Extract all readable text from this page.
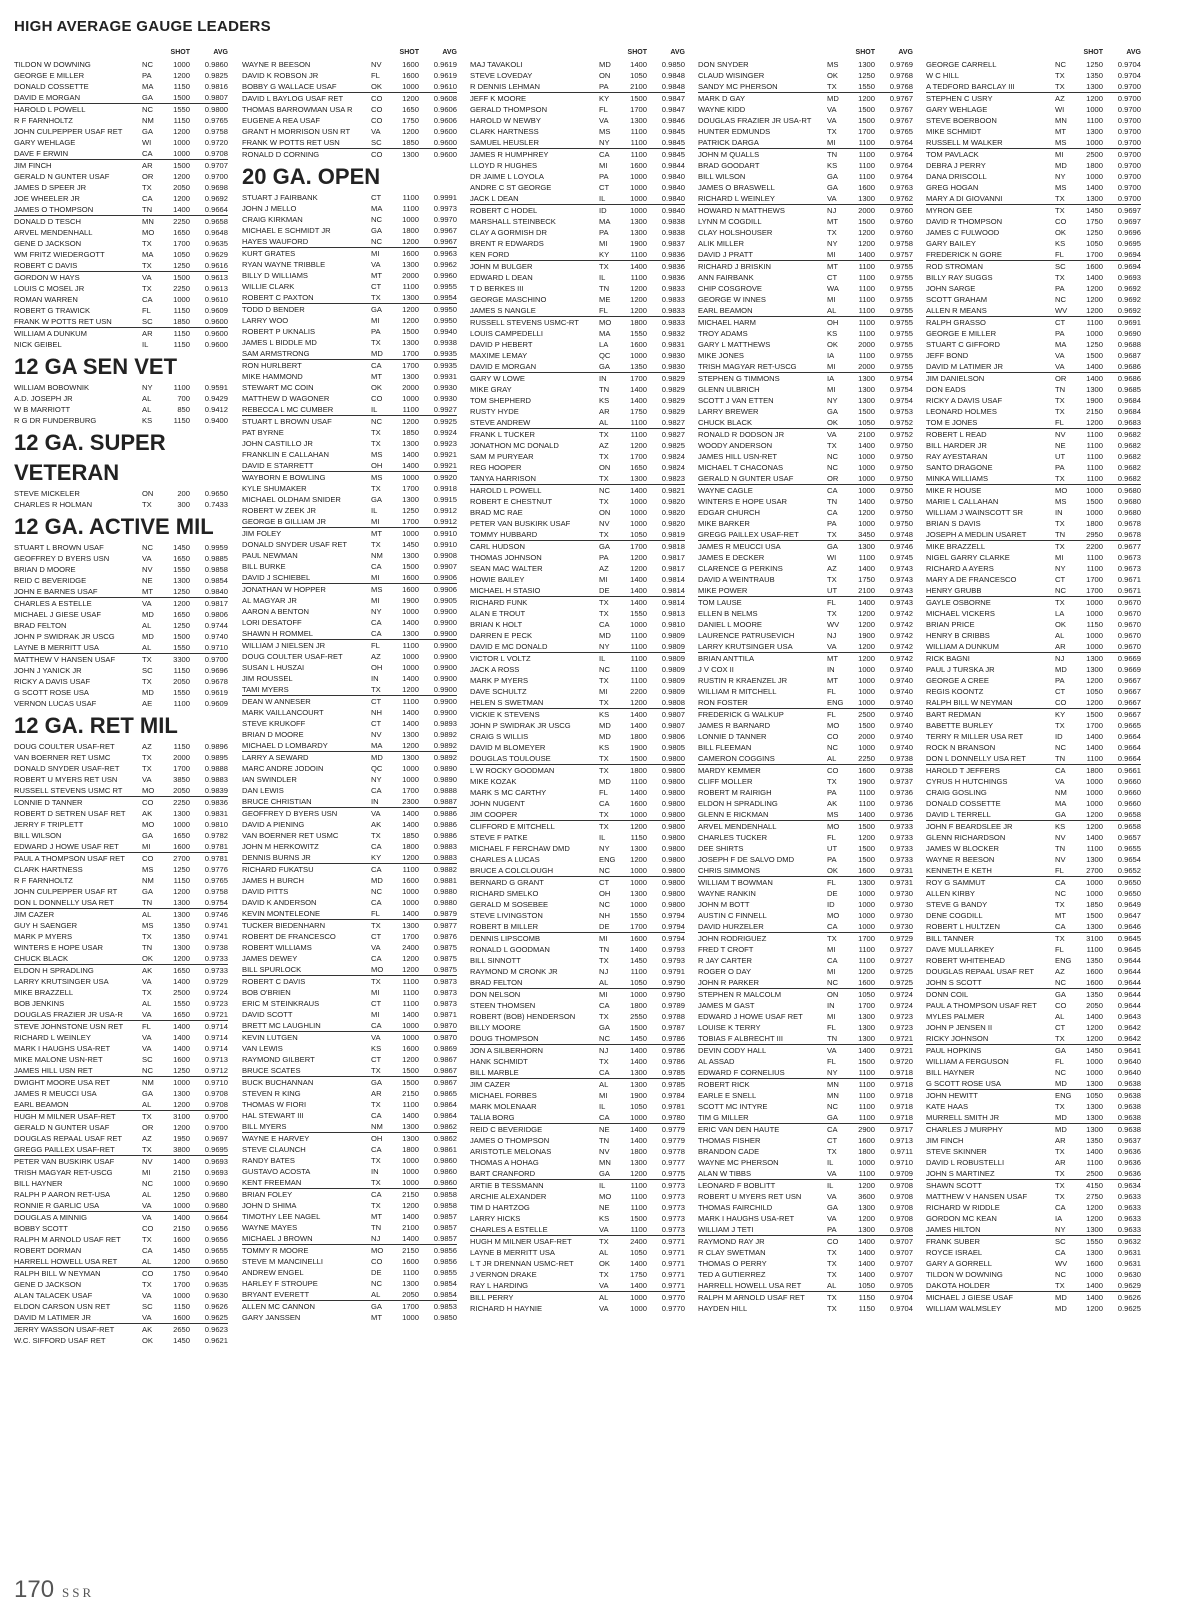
HIGH AVERAGE GAUGE LEADERS
SHOT	AVG
TILDON W DOWNING	NC	1000	0.9860
GEORGE E MILLER	PA	1200	0.9825
DONALD COSSETTE	MA	1150	0.9816
DAVID E MORGAN	GA	1500	0.9807
HAROLD L POWELL	NC	1550	0.9800
R F FARNHOLTZ	NM	1150	0.9765
JOHN CULPEPPER USAF RET	GA	1200	0.9758
GARY WEHLAGE	WI	1000	0.9720
DAVE F ERWIN	CA	1000	0.9708
JIM FINCH	AR	1500	0.9707
GERALD N GUNTER USAF	OR	1200	0.9700
JAMES D SPEER JR	TX	2050	0.9698
JOE WHEELER JR	CA	1200	0.9692
JAMES O THOMPSON	TN	1400	0.9664
DONALD D TESCH	MN	2250	0.9658
ARVEL MENDENHALL	MO	1650	0.9648
GENE D JACKSON	TX	1700	0.9635
WM FRITZ WIEDERGOTT	MA	1050	0.9629
ROBERT C DAVIS	TX	1250	0.9616
GORDON W HAYS	VA	1500	0.9613
LOUIS C MOSEL JR	TX	2250	0.9613
ROMAN WARREN	CA	1000	0.9610
ROBERT G TRAWICK	FL	1150	0.9609
FRANK W POTTS RET USN	SC	1850	0.9600
WILLIAM A DUNKUM	AR	1150	0.9600
NICK GEIBEL	IL	1150	0.9600
12 GA SEN VET
WILLIAM BOBOWNIK	NY	1100	0.9591
A.D. JOSEPH JR	AL	700	0.9429
W B MARRIOTT	AL	850	0.9412
R G DR FUNDERBURG	KS	1150	0.9400
12 GA. SUPER VETERAN
STEVE MICKELER	ON	200	0.9650
CHARLES R HOLMAN	TX	300	0.7433
12 GA. ACTIVE MIL
STUART L BROWN USAF	NC	1450	0.9959
GEOFFREY D BYERS USN	VA	1650	0.9885
BRIAN D MOORE	NV	1550	0.9858
REID C BEVERIDGE	NE	1300	0.9854
JOHN E BARNES USAF	MT	1250	0.9840
CHARLES A ESTELLE	VA	1200	0.9817
MICHAEL J GIESE USAF	MD	1650	0.9806
BRAD FELTON	AL	1250	0.9744
JOHN P SWIDRAK JR USCG	MD	1500	0.9740
LAYNE B MERRITT USA	AL	1550	0.9710
MATTHEW V HANSEN USAF	TX	3300	0.9700
JOHN J YANICK JR	SC	1150	0.9696
RICKY A DAVIS USAF	TX	2050	0.9678
G SCOTT ROSE USA	MD	1550	0.9619
VERNON LUCAS USAF	AE	1100	0.9609
12 GA. RET MIL
DOUG COULTER USAF-RET	AZ	1150	0.9896
VAN BOERNER RET USMC	TX	2000	0.9895
DONALD SNYDER USAF-RET	TX	1700	0.9888
ROBERT U MYERS RET USN	VA	3850	0.9883
RUSSELL STEVENS USMC RT	MO	2050	0.9839
LONNIE D TANNER	CO	2250	0.9836
ROBERT D SETREN USAF RET	AK	1300	0.9831
JERRY F TRIPLETT	MO	1000	0.9810
BILL WILSON	GA	1650	0.9782
EDWARD J HOWE USAF RET	MI	1600	0.9781
PAUL A THOMPSON USAF RET	CO	2700	0.9781
CLARK HARTNESS	MS	1250	0.9776
R F FARNHOLTZ	NM	1150	0.9765
JOHN CULPEPPER USAF RT	GA	1200	0.9758
DON L DONNELLY USA RET	TN	1300	0.9754
JIM CAZER	AL	1300	0.9746
GUY H SAENGER	MS	1350	0.9741
MARK P MYERS	TX	1350	0.9741
WINTERS E HOPE USAR	TN	1300	0.9738
CHUCK BLACK	OK	1200	0.9733
ELDON H SPRADLING	AK	1650	0.9733
LARRY KRUTSINGER USA	VA	1400	0.9729
MIKE BRAZZELL	TX	2500	0.9724
BOB JENKINS	AL	1550	0.9723
DOUGLAS FRAZIER JR USA-R	VA	1650	0.9721
STEVE JOHNSTONE USN RET	FL	1400	0.9714
RICHARD L WEINLEY	VA	1400	0.9714
MARK I HAUGHS USA-RET	VA	1400	0.9714
MIKE MALONE USN-RET	SC	1600	0.9713
JAMES HILL USN RET	NC	1250	0.9712
DWIGHT MOORE USA RET	NM	1000	0.9710
JAMES R MEUCCI USA	GA	1300	0.9708
EARL BEAMON	AL	1200	0.9708
HUGH M MILNER USAF-RET	TX	3100	0.9700
GERALD N GUNTER USAF	OR	1200	0.9700
DOUGLAS REPAAL USAF RET	AZ	1950	0.9697
GREGG PAILLEX USAF-RET	TX	3800	0.9695
PETER VAN BUSKIRK USAF	NV	1400	0.9693
TRISH MAGYAR RET-USCG	MI	2150	0.9693
BILL HAYNER	NC	1000	0.9690
RALPH P AARON RET-USA	AL	1250	0.9680
RONNIE R GARLIC USA	VA	1000	0.9680
DOUGLAS A MINNIG	VA	1400	0.9664
BOBBY SCOTT	CO	2150	0.9656
RALPH M ARNOLD USAF RET	TX	1600	0.9656
ROBERT DORMAN	CA	1450	0.9655
HARRELL HOWELL USA RET	AL	1200	0.9650
RALPH BILL W NEYMAN	CO	1750	0.9640
GENE D JACKSON	TX	1700	0.9635
ALAN TALACEK USAF	VA	1000	0.9630
ELDON CARSON USN RET	SC	1150	0.9626
DAVID M LATIMER JR	VA	1600	0.9625
JERRY WASSON USAF-RET	AK	2650	0.9623
W.C. SIFFORD USAF RET	OK	1450	0.9621
SHOT	AVG
WAYNE R BEESON	NV	1600	0.9619
DAVID K ROBSON JR	FL	1600	0.9619
BOBBY G WALLACE USAF	OK	1000	0.9610
DAVID L BAYLOG USAF RET	CO	1200	0.9608
THOMAS BARROWMAN USA R	CO	1650	0.9606
EUGENE A REA USAF	CO	1750	0.9606
GRANT H MORRISON USN RT	VA	1200	0.9600
FRANK W POTTS RET USN	SC	1850	0.9600
RONALD D CORNING	CO	1300	0.9600
20 GA. OPEN
STUART J FAIRBANK	CT	1100	0.9991
JOHN J MELLO	MA	1100	0.9973
CRAIG KIRKMAN	NC	1000	0.9970
MICHAEL E SCHMIDT JR	GA	1800	0.9967
HAYES WAUFORD	NC	1200	0.9967
KURT GRATES	MI	1600	0.9963
RYAN WAYNE TRIBBLE	VA	1300	0.9962
BILLY D WILLIAMS	MT	2000	0.9960
WILLIE CLARK	CT	1100	0.9955
ROBERT C PAXTON	TX	1300	0.9954
TODD D BENDER	GA	1200	0.9950
LARRY WOO	MI	1200	0.9950
ROBERT P UKNALIS	PA	1500	0.9940
JAMES L BIDDLE MD	TX	1300	0.9938
SAM ARMSTRONG	MD	1700	0.9935
RON HURLBERT	CA	1700	0.9935
MIKE HAMMOND	MT	1300	0.9931
STEWART MC COIN	OK	2000	0.9930
MATTHEW D WAGONER	CO	1000	0.9930
REBECCA L MC CUMBER	IL	1100	0.9927
STUART L BROWN USAF	NC	1200	0.9925
PAT BYRNE	TX	1850	0.9924
JOHN CASTILLO JR	TX	1300	0.9923
FRANKLIN E CALLAHAN	MS	1400	0.9921
DAVID E STARRETT	OH	1400	0.9921
WAYBORN E BOWLING	MS	1000	0.9920
KYLE SHUMAKER	TX	1700	0.9918
MICHAEL OLDHAM SNIDER	GA	1300	0.9915
ROBERT W ZEEK JR	IL	1250	0.9912
GEORGE B GILLIAM JR	MI	1700	0.9912
JIM FOLEY	MT	1000	0.9910
DONALD SNYDER USAF RET	TX	1450	0.9910
PAUL NEWMAN	NM	1300	0.9908
BILL BURKE	CA	1500	0.9907
DAVID J SCHIEBEL	MI	1600	0.9906
JONATHAN W HOPPER	MS	1600	0.9906
AL MAGYAR JR	MI	1900	0.9905
AARON A BENTON	NY	1000	0.9900
LORI DESATOFF	CA	1400	0.9900
SHAWN H ROMMEL	CA	1300	0.9900
WILLIAM J NIELSEN JR	FL	1100	0.9900
DOUG COULTER USAF-RET	AZ	1000	0.9900
SUSAN L HUSZAI	OH	1000	0.9900
JIM ROUSSEL	IN	1400	0.9900
TAMI MYERS	TX	1200	0.9900
DEAN W ANNESER	CT	1100	0.9900
MARK VAILLANCOURT	NH	1400	0.9900
STEVE KRUKOFF	CT	1400	0.9893
BRIAN D MOORE	NV	1300	0.9892
MICHAEL D LOMBARDY	MA	1200	0.9892
LARRY A SEWARD	MD	1300	0.9892
MARC ANDRE JODOIN	QC	1000	0.9890
IAN SWINDLER	NY	1000	0.9890
DAN LEWIS	CA	1700	0.9888
BRUCE CHRISTIAN	IN	2300	0.9887
GEOFFREY D BYERS USN	VA	1400	0.9886
DAVID A PIENING	AK	1400	0.9886
VAN BOERNER RET USMC	TX	1850	0.9886
JOHN M HERKOWITZ	CA	1800	0.9883
DENNIS BURNS JR	KY	1200	0.9883
RICHARD FUKATSU	CA	1100	0.9882
JAMES H BURCH	MD	1600	0.9881
DAVID PITTS	NC	1000	0.9880
DAVID K ANDERSON	CA	1000	0.9880
KEVIN MONTELEONE	FL	1400	0.9879
TUCKER BIEDENHARN	TX	1300	0.9877
ROBERT DE FRANCESCO	CT	1700	0.9876
ROBERT WILLIAMS	VA	2400	0.9875
JAMES DEWEY	CA	1200	0.9875
BILL SPURLOCK	MO	1200	0.9875
ROBERT C DAVIS	TX	1100	0.9873
BOB O'BRIEN	MI	1100	0.9873
ERIC M STEINKRAUS	CT	1100	0.9873
DAVID SCOTT	MI	1400	0.9871
BRETT MC LAUGHLIN	CA	1000	0.9870
KEVIN LUTGEN	VA	1000	0.9870
VAN LEWIS	KS	1600	0.9869
RAYMOND GILBERT	CT	1200	0.9867
BRUCE SCATES	TX	1500	0.9867
BUCK BUCHANNAN	GA	1500	0.9867
STEVEN R KING	AR	2150	0.9865
THOMAS W FIORI	TX	1100	0.9864
HAL STEWART III	CA	1400	0.9864
BILL MYERS	NM	1300	0.9862
WAYNE E HARVEY	OH	1300	0.9862
STEVE CLAUNCH	CA	1800	0.9861
RANDY BATES	TX	1000	0.9860
GUSTAVO ACOSTA	IN	1000	0.9860
KENT FREEMAN	TX	1000	0.9860
BRIAN FOLEY	CA	2150	0.9858
JOHN D SHIMA	TX	1200	0.9858
TIMOTHY LEE NAGEL	MT	1400	0.9857
WAYNE MAYES	TN	2100	0.9857
MICHAEL J BROWN	NJ	1400	0.9857
TOMMY R MOORE	MO	2150	0.9856
STEVE M MANCINELLI	CO	1600	0.9856
ANDREW ENGEL	DE	1100	0.9855
HARLEY F STROUPE	NC	1300	0.9854
BRYANT EVERETT	AL	2050	0.9854
ALLEN MC CANNON	GA	1700	0.9853
GARY JANSSEN	MT	1000	0.9850
SHOT	AVG
MAJ TAVAKOLI	MD	1400	0.9850
STEVE LOVEDAY	ON	1050	0.9848
R DENNIS LEHMAN	PA	2100	0.9848
JEFF K MOORE	KY	1500	0.9847
GERALD THOMPSON	FL	1700	0.9847
HAROLD W NEWBY	VA	1300	0.9846
CLARK HARTNESS	MS	1100	0.9845
SAMUEL HEUSLER	NY	1100	0.9845
JAMES R HUMPHREY	CA	1100	0.9845
LLOYD R HUGHES	MI	1600	0.9844
DR JAIME L LOYOLA	PA	1000	0.9840
ANDRE C ST GEORGE	CT	1000	0.9840
JACK L DEAN	IL	1000	0.9840
ROBERT C HODEL	ID	1000	0.9840
MARSHALL STEINBECK	MA	1300	0.9838
CLAY A GORMISH DR	PA	1300	0.9838
BRENT R EDWARDS	MI	1900	0.9837
KEN FORD	KY	1100	0.9836
JOHN M BULGER	TX	1400	0.9836
EDWARD L DEAN	IL	1100	0.9836
T D BERKES III	TN	1200	0.9833
GEORGE MASCHINO	ME	1200	0.9833
JAMES S NANGLE	FL	1200	0.9833
RUSSELL STEVENS USMC-RT	MO	1800	0.9833
LOUIS CAMPEDELLI	MA	1550	0.9832
DAVID P HEBERT	LA	1600	0.9831
MAXIME LEMAY	QC	1000	0.9830
DAVID E MORGAN	GA	1350	0.9830
GARY W LOWE	IN	1700	0.9829
MIKE GRAY	TN	1400	0.9829
TOM SHEPHERD	KS	1400	0.9829
RUSTY HYDE	AR	1750	0.9829
STEVE ANDREW	AL	1100	0.9827
FRANK L TUCKER	TX	1100	0.9827
JONATHON MC DONALD	AZ	1200	0.9825
SAM M PURYEAR	TX	1700	0.9824
REG HOOPER	ON	1650	0.9824
TANYA HARRISON	TX	1300	0.9823
HAROLD L POWELL	NC	1400	0.9821
ROBERT E CHESTNUT	TX	1000	0.9820
BRAD MC RAE	ON	1000	0.9820
PETER VAN BUSKIRK USAF	NV	1000	0.9820
TOMMY HUBBARD	TX	1050	0.9819
CARL HUDSON	GA	1700	0.9818
THOMAS JOHNSON	PA	1200	0.9817
SEAN MAC WALTER	AZ	1200	0.9817
HOWIE BAILEY	MI	1400	0.9814
MICHAEL H STASIO	DE	1400	0.9814
RICHARD FUNK	TX	1400	0.9814
ALAN E TROUT	TX	1550	0.9813
BRIAN K HOLT	CA	1000	0.9810
DARREN E PECK	MD	1100	0.9809
DAVID E MC DONALD	NY	1100	0.9809
VICTOR L VOLTZ	IL	1100	0.9809
JACK A ROSS	NC	1100	0.9809
MARK P MYERS	TX	1100	0.9809
DAVE SCHULTZ	MI	2200	0.9809
HELEN S SWETMAN	TX	1200	0.9808
VICKIE K STEVENS	KS	1400	0.9807
JOHN P SWIDRAK JR USCG	MD	1400	0.9807
CRAIG S WILLIS	MD	1800	0.9806
DAVID M BLOMEYER	KS	1900	0.9805
DOUGLAS TOULOUSE	TX	1500	0.9800
L W ROCKY GOODMAN	TX	1800	0.9800
MIKE KOZAK	MD	1100	0.9800
MARK S MC CARTHY	FL	1400	0.9800
JOHN NUGENT	CA	1600	0.9800
JIM COOPER	TX	1000	0.9800
CLIFFORD E MITCHELL	TX	1200	0.9800
STEVE F PATKE	IL	1150	0.9800
MICHAEL F FERCHAW DMD	NY	1300	0.9800
CHARLES A LUCAS	ENG	1200	0.9800
BRUCE A COLCLOUGH	NC	1000	0.9800
BERNARD G GRANT	CT	1000	0.9800
RICHARD SMELKO	OH	1300	0.9800
GERALD M SOSEBEE	NC	1000	0.9800
STEVE LIVINGSTON	NH	1550	0.9794
ROBERT B MILLER	DE	1700	0.9794
DENNIS LIPSCOMB	MI	1600	0.9794
RONALD L GOODMAN	TN	1400	0.9793
BILL SINNOTT	TX	1450	0.9793
RAYMOND M CRONK JR	NJ	1100	0.9791
BRAD FELTON	AL	1050	0.9790
DON NELSON	MI	1000	0.9790
STEEN THOMSEN	CA	1800	0.9789
ROBERT (BOB) HENDERSON	TX	2550	0.9788
BILLY MOORE	GA	1500	0.9787
DOUG THOMPSON	NC	1450	0.9786
JON A SILBERHORN	NJ	1400	0.9786
HANK SCHMIDT	TX	1400	0.9786
BILL MARBLE	CA	1300	0.9785
JIM CAZER	AL	1300	0.9785
MICHAEL FORBES	MI	1900	0.9784
MARK MOLENAAR	IL	1050	0.9781
TALIA BORG	CA	1000	0.9780
REID C BEVERIDGE	NE	1400	0.9779
JAMES O THOMPSON	TN	1400	0.9779
ARISTOTLE MELONAS	NV	1800	0.9778
THOMAS A HOHAG	MN	1300	0.9777
BART CRANFORD	GA	1200	0.9775
ARTIE B TESSMANN	IL	1100	0.9773
ARCHIE ALEXANDER	MO	1100	0.9773
TIM D HARTZOG	NE	1100	0.9773
LARRY HICKS	KS	1500	0.9773
CHARLES A ESTELLE	VA	1100	0.9773
HUGH M MILNER USAF-RET	TX	2400	0.9771
LAYNE B MERRITT USA	AL	1050	0.9771
L T JR DRENNAN USMC-RET	OK	1400	0.9771
J VERNON DRAKE	TX	1750	0.9771
RAY L HARDING	VA	1400	0.9771
BILL PERRY	AL	1000	0.9770
RICHARD H HAYNIE	VA	1000	0.9770
SHOT	AVG
DON SNYDER	MS	1300	0.9769
CLAUD WISINGER	OK	1250	0.9768
SANDY MC PHERSON	TX	1550	0.9768
MARK D GAY	MD	1200	0.9767
WAYNE KIDD	VA	1500	0.9767
DOUGLAS FRAZIER JR USA-RT	VA	1500	0.9767
HUNTER EDMUNDS	TX	1700	0.9765
PATRICK DARGA	MI	1100	0.9764
JOHN M QUALLS	TN	1100	0.9764
BRAD GOODART	KS	1100	0.9764
BILL WILSON	GA	1100	0.9764
JAMES O BRASWELL	GA	1600	0.9763
RICHARD L WEINLEY	VA	1300	0.9762
HOWARD N MATTHEWS	NJ	2000	0.9760
LYNN M COGDILL	MT	1500	0.9760
CLAY HOLSHOUSER	TX	1200	0.9760
ALIK MILLER	NY	1200	0.9758
DAVID J PRATT	MI	1400	0.9757
RICHARD J BRISKIN	MT	1100	0.9755
ANN FAIRBANK	CT	1100	0.9755
CHIP COSGROVE	WA	1100	0.9755
GEORGE W INNES	MI	1100	0.9755
EARL BEAMON	AL	1100	0.9755
MICHAEL HARM	OH	1100	0.9755
TROY ADAMS	KS	1100	0.9755
GARY L MATTHEWS	OK	2000	0.9755
MIKE JONES	IA	1100	0.9755
TRISH MAGYAR RET-USCG	MI	2000	0.9755
STEPHEN G TIMMONS	IA	1300	0.9754
GLENN ULBRICH	MI	1300	0.9754
SCOTT J VAN ETTEN	NY	1300	0.9754
LARRY BREWER	GA	1500	0.9753
CHUCK BLACK	OK	1050	0.9752
RONALD R DODSON JR	VA	2100	0.9752
WOODY ANDERSON	TX	1400	0.9750
JAMES HILL USN-RET	NC	1000	0.9750
MICHAEL T CHACONAS	NC	1000	0.9750
GERALD N GUNTER USAF	OR	1000	0.9750
WAYNE CAGLE	CA	1000	0.9750
WINTERS E HOPE USAR	TN	1400	0.9750
EDGAR CHURCH	CA	1200	0.9750
MIKE BARKER	PA	1000	0.9750
GREGG PAILLEX USAF-RET	TX	3450	0.9748
JAMES R MEUCCI USA	GA	1300	0.9746
JAMES E DECKER	WI	1100	0.9745
CLARENCE G PERKINS	AZ	1400	0.9743
DAVID A WEINTRAUB	TX	1750	0.9743
MIKE POWER	UT	2100	0.9743
TOM LAUSE	FL	1400	0.9743
ELLEN B NELMS	TX	1200	0.9742
DANIEL L MOORE	WV	1200	0.9742
LAURENCE PATRUSEVICH	NJ	1900	0.9742
LARRY KRUTSINGER USA	VA	1200	0.9742
BRIAN ANTTILA	MT	1200	0.9742
J V COX II	IN	1000	0.9740
RUSTIN R KRAENZEL JR	MT	1000	0.9740
WILLIAM R MITCHELL	FL	1000	0.9740
RON FOSTER	ENG	1000	0.9740
FREDERICK G WALKUP	FL	2500	0.9740
JAMES R BARNARD	MO	1500	0.9740
LONNIE D TANNER	CO	2000	0.9740
BILL FLEEMAN	NC	1000	0.9740
CAMERON COGGINS	AL	2250	0.9738
MARDY KEMMER	CO	1600	0.9738
CLIFF MOLLER	TX	1900	0.9737
ROBERT M RAIRIGH	PA	1100	0.9736
ELDON H SPRADLING	AK	1100	0.9736
GLENN E RICKMAN	MS	1400	0.9736
ARVEL MENDENHALL	MO	1500	0.9733
CHARLES TUCKER	FL	1200	0.9733
DEE SHIRTS	UT	1500	0.9733
JOSEPH F DE SALVO DMD	PA	1500	0.9733
CHRIS SIMMONS	OK	1600	0.9731
WILLIAM T BOWMAN	FL	1300	0.9731
WAYNE RANKIN	DE	1000	0.9730
JOHN M BOTT	ID	1000	0.9730
AUSTIN C FINNELL	MO	1000	0.9730
DAVID HURZELER	CA	1000	0.9730
JOHN RODRIGUEZ	TX	1700	0.9729
FRED T CROFT	MI	1100	0.9727
R JAY CARTER	CA	1100	0.9727
ROGER O DAY	MI	1200	0.9725
JOHN R PARKER	NC	1600	0.9725
STEPHEN R MALCOLM	ON	1050	0.9724
JAMES M GAST	IN	1700	0.9724
EDWARD J HOWE USAF RET	MI	1300	0.9723
LOUISE K TERRY	FL	1300	0.9723
TOBIAS F ALBRECHT III	TN	1300	0.9721
DEVIN CODY HALL	VA	1400	0.9721
AL ASSAD	FL	1500	0.9720
EDWARD F CORNELIUS	NY	1100	0.9718
ROBERT RICK	MN	1100	0.9718
EARLE E SNELL	MN	1100	0.9718
SCOTT MC INTYRE	NC	1100	0.9718
TIM G MILLER	GA	1100	0.9718
ERIC VAN DEN HAUTE	CA	2900	0.9717
THOMAS FISHER	CT	1600	0.9713
BRANDON CADE	TX	1800	0.9711
WAYNE MC PHERSON	IL	1000	0.9710
ALAN W TIBBS	VA	1100	0.9709
LEONARD F BOBLITT	IL	1200	0.9708
ROBERT U MYERS RET USN	VA	3600	0.9708
THOMAS FAIRCHILD	GA	1300	0.9708
MARK I HAUGHS USA-RET	VA	1200	0.9708
WILLIAM J TETI	PA	1300	0.9708
RAYMOND RAY JR	CO	1400	0.9707
R CLAY SWETMAN	TX	1400	0.9707
THOMAS O PERRY	TX	1400	0.9707
TED A GUTIERREZ	TX	1400	0.9707
HARRELL HOWELL USA RET	AL	1050	0.9705
RALPH M ARNOLD USAF RET	TX	1150	0.9704
HAYDEN HILL	TX	1150	0.9704
SHOT	AVG
GEORGE CARRELL	NC	1250	0.9704
W C HILL	TX	1350	0.9704
A TEDFORD BARCLAY III	TX	1300	0.9700
STEPHEN C USRY	AZ	1200	0.9700
GARY WEHLAGE	WI	1000	0.9700
STEVE BOERBOON	MN	1100	0.9700
MIKE SCHMIDT	MT	1300	0.9700
RUSSELL M WALKER	MS	1000	0.9700
TOM PAVLACK	MI	2500	0.9700
DEBRA J PERRY	MD	1800	0.9700
DANA DRISCOLL	NY	1000	0.9700
GREG HOGAN	MS	1400	0.9700
MARY A DI GIOVANNI	TX	1300	0.9700
MYRON GEE	TX	1450	0.9697
DAVID R THOMPSON	CO	1750	0.9697
JAMES C FULWOOD	OK	1250	0.9696
GARY BAILEY	KS	1050	0.9695
FREDERICK N GORE	FL	1700	0.9694
ROD STROMAN	SC	1600	0.9694
BILLY RAY SUGGS	TX	1400	0.9693
JOHN SARGE	PA	1200	0.9692
SCOTT GRAHAM	NC	1200	0.9692
ALLEN R MEANS	WV	1200	0.9692
RALPH GRASSO	CT	1100	0.9691
GEORGE E MILLER	PA	1000	0.9690
STUART C GIFFORD	MA	1250	0.9688
JEFF BOND	VA	1500	0.9687
DAVID M LATIMER JR	VA	1400	0.9686
JIM DANIELSON	OR	1400	0.9686
DON EADS	TN	1300	0.9685
RICKY A DAVIS USAF	TX	1900	0.9684
LEONARD HOLMES	TX	2150	0.9684
TOM E JONES	FL	1200	0.9683
ROBERT L READ	NV	1100	0.9682
BILL HARDER JR	NE	1100	0.9682
RAY AYESTARAN	UT	1100	0.9682
SANTO DRAGONE	PA	1100	0.9682
MINKA WILLIAMS	TX	1100	0.9682
MIKE R HOUSE	MO	1000	0.9680
MARIE L CALLAHAN	MS	1500	0.9680
WILLIAM J WAINSCOTT SR	IN	1000	0.9680
BRIAN S DAVIS	TX	1800	0.9678
JOSEPH A MEDLIN USARET	TN	2950	0.9678
MIKE BRAZZELL	TX	2200	0.9677
NIGEL GARRY CLARKE	MI	1100	0.9673
RICHARD A AYERS	NY	1100	0.9673
MARY A DE FRANCESCO	CT	1700	0.9671
HENRY GRUBB	NC	1700	0.9671
GAYLE OSBORNE	TX	1000	0.9670
MICHAEL VICKERS	LA	1000	0.9670
BRIAN PRICE	OK	1150	0.9670
HENRY B CRIBBS	AL	1000	0.9670
WILLIAM A DUNKUM	AR	1000	0.9670
RICK BAGNI	NJ	1300	0.9669
PAUL J TURSKA JR	MD	1300	0.9669
GEORGE A CREE	PA	1200	0.9667
REGIS KOONTZ	CT	1050	0.9667
RALPH BILL W NEYMAN	CO	1200	0.9667
BART REDMAN	KY	1500	0.9667
BABETTE BURLEY	TX	1700	0.9665
TERRY R MILLER USA RET	ID	1400	0.9664
ROCK N BRANSON	NC	1400	0.9664
DON L DONNELLY USA RET	TN	1100	0.9664
HAROLD T JEFFERS	CA	1800	0.9661
CYRUS H HUTCHINGS	VA	1000	0.9660
CRAIG GOSLING	NM	1000	0.9660
DONALD COSSETTE	MA	1000	0.9660
DAVID L TERRELL	GA	1200	0.9658
JOHN F BEARDSLEE JR	KS	1200	0.9658
GLENN RICHARDSON	NV	1400	0.9657
JAMES W BLOCKER	TN	1100	0.9655
WAYNE R BEESON	NV	1300	0.9654
KENNETH E KETH	FL	2700	0.9652
ROY G SAMMUT	CA	1000	0.9650
ALLEN KIRBY	NC	1000	0.9650
STEVE G BANDY	TX	1850	0.9649
DENE COGDILL	MT	1500	0.9647
ROBERT L HULTZEN	CA	1300	0.9646
BILL TANNER	TX	3100	0.9645
DAVE MULLARKEY	FL	1100	0.9645
ROBERT WHITEHEAD	ENG	1350	0.9644
DOUGLAS REPAAL USAF RET	AZ	1600	0.9644
JOHN S SCOTT	NC	1600	0.9644
DONN COIL	GA	1350	0.9644
PAUL A THOMPSON USAF RET	CO	2050	0.9644
MYLES PALMER	AL	1400	0.9643
JOHN P JENSEN II	CT	1200	0.9642
RICKY JOHNSON	TX	1200	0.9642
PAUL HOPKINS	GA	1450	0.9641
WILLIAM A FERGUSON	FL	1000	0.9640
BILL HAYNER	NC	1000	0.9640
G SCOTT ROSE USA	MD	1300	0.9638
JOHN HEWITT	ENG	1050	0.9638
KATE HAAS	TX	1300	0.9638
MURRELL SMITH JR	MD	1300	0.9638
CHARLES J MURPHY	MD	1300	0.9638
JIM FINCH	AR	1350	0.9637
STEVE SKINNER	TX	1400	0.9636
DAVID L ROBUSTELLI	AR	1100	0.9636
JOHN S MARTINEZ	TX	2500	0.9636
SHAWN SCOTT	TX	4150	0.9634
MATTHEW V HANSEN USAF	TX	2750	0.9633
RICHARD W RIDDLE	CA	1200	0.9633
GORDON MC KEAN	IA	1200	0.9633
JAMES HILTON	NY	1300	0.9633
FRANK SUBER	SC	1550	0.9632
ROYCE ISRAEL	CA	1300	0.9631
GARY A GORRELL	WV	1600	0.9631
TILDON W DOWNING	NC	1000	0.9630
DAKOTA HOLDER	TX	1400	0.9629
MICHAEL J GIESE USAF	MD	1400	0.9626
WILLIAM WALMSLEY	MD	1200	0.9625
170 SSR
